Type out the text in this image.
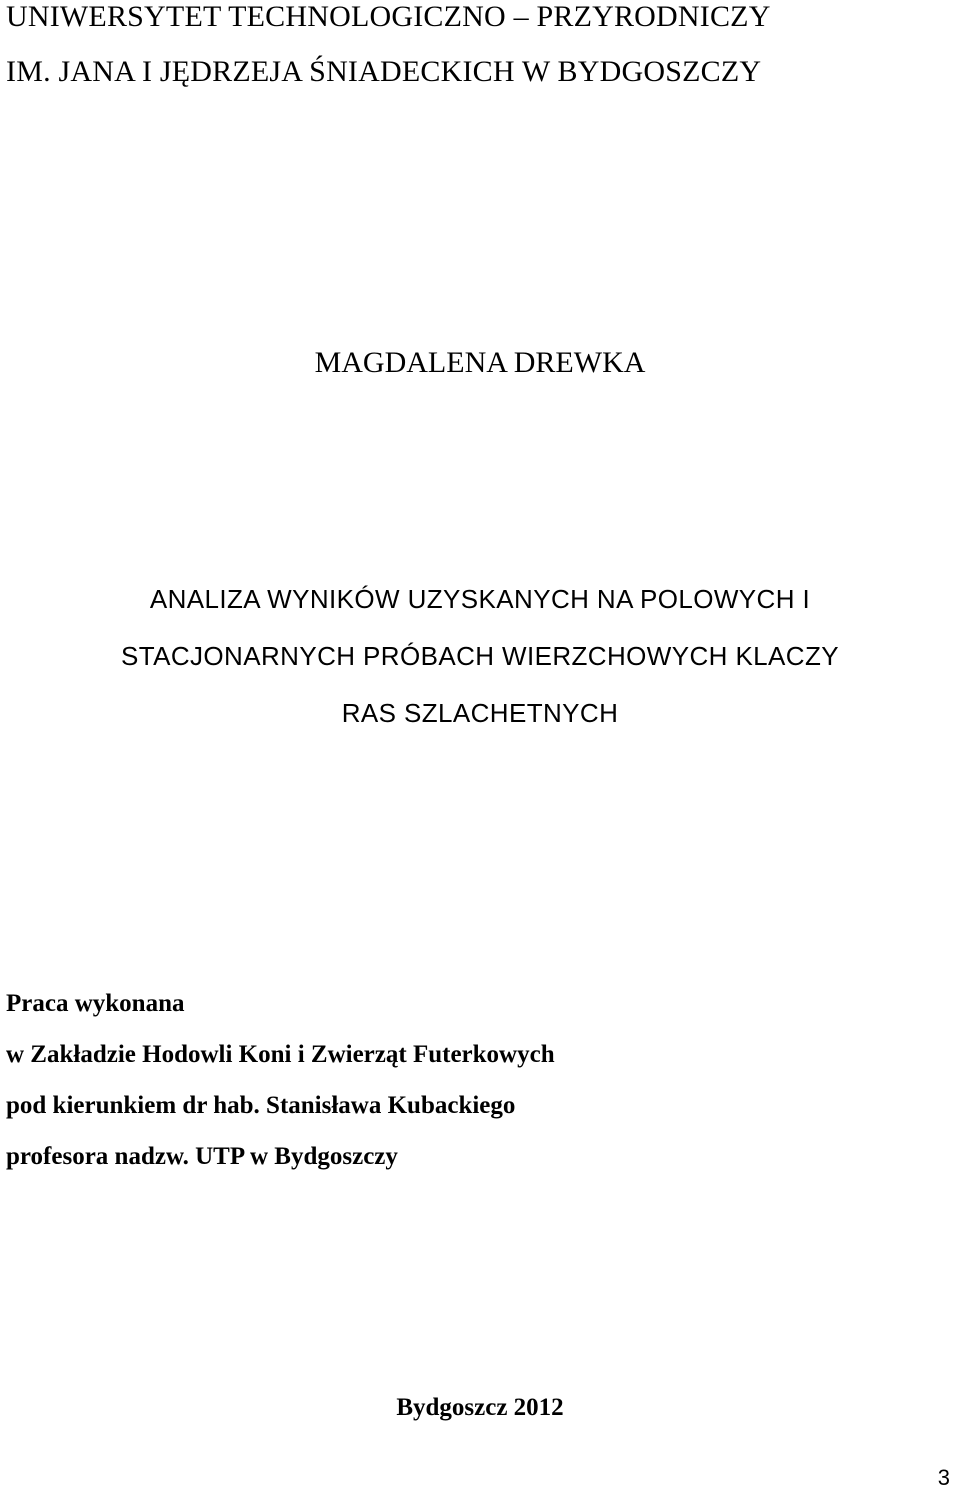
UNIWERSYTET TECHNOLOGICZNO – PRZYRODNICZY
IM. JANA I JĘDRZEJA ŚNIADECKICH W BYDGOSZCZY
MAGDALENA DREWKA
ANALIZA WYNIKÓW UZYSKANYCH NA POLOWYCH I
STACJONARNYCH PRÓBACH WIERZCHOWYCH KLACZY
RAS SZLACHETNYCH
Praca wykonana
w Zakładzie Hodowli Koni i Zwierząt Futerkowych
pod kierunkiem dr hab. Stanisława Kubackiego
profesora nadzw. UTP w Bydgoszczy
Bydgoszcz 2012
3
